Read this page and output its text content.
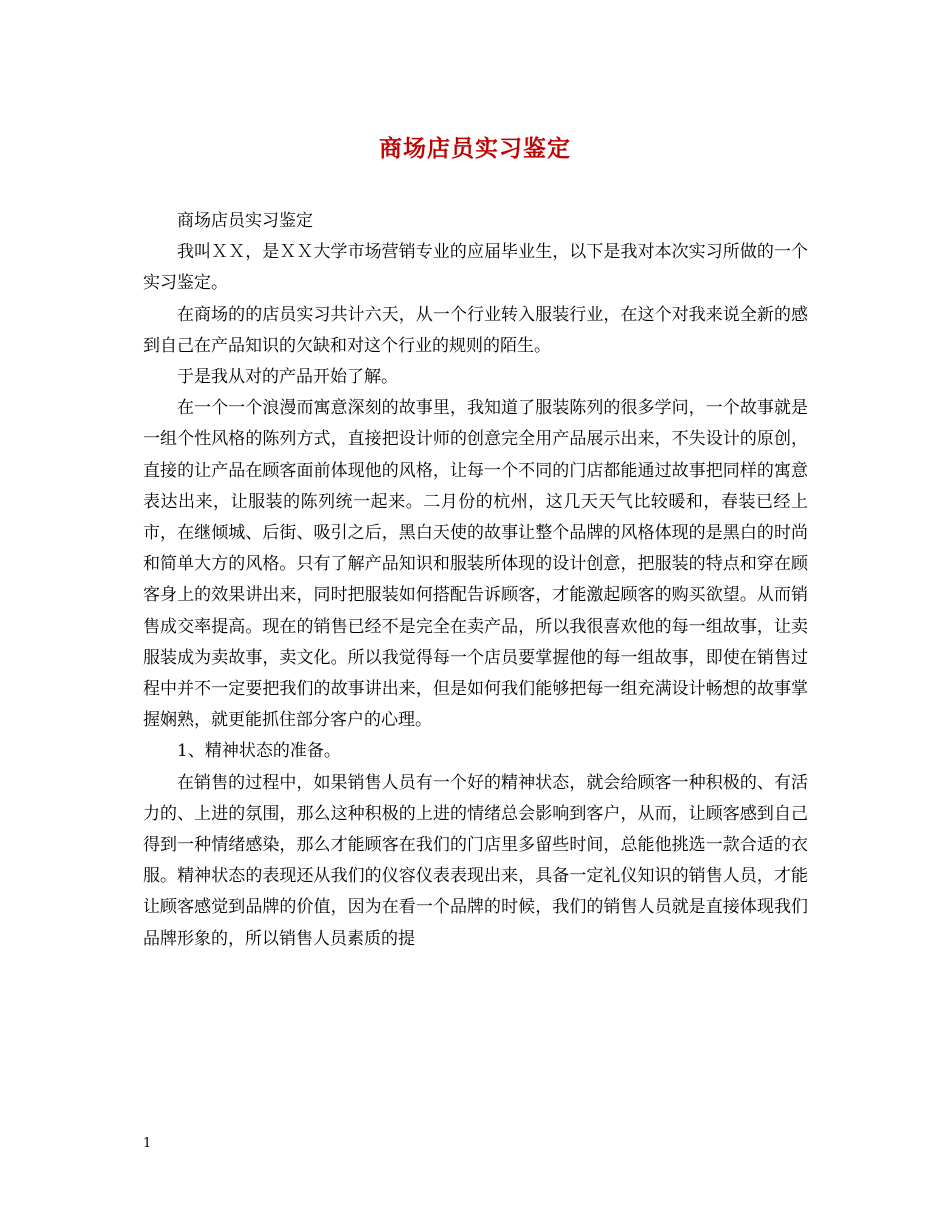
商场店员实习鉴定

商场店员实习鉴定

我叫ＸＸ，是ＸＸ大学市场营销专业的应届毕业生，以下是我对本次实习所做的一个实习鉴定。

在商场的的店员实习共计六天，从一个行业转入服装行业，在这个对我来说全新的感到自己在产品知识的欠缺和对这个行业的规则的陌生。

于是我从对的产品开始了解。

在一个一个浪漫而寓意深刻的故事里，我知道了服装陈列的很多学问，一个故事就是一组个性风格的陈列方式，直接把设计师的创意完全用产品展示出来，不失设计的原创，直接的让产品在顾客面前体现他的风格，让每一个不同的门店都能通过故事把同样的寓意表达出来，让服装的陈列统一起来。二月份的杭州，这几天天气比较暖和，春装已经上市，在继倾城、后街、吸引之后，黑白天使的故事让整个品牌的风格体现的是黑白的时尚和简单大方的风格。只有了解产品知识和服装所体现的设计创意，把服装的特点和穿在顾客身上的效果讲出来，同时把服装如何搭配告诉顾客，才能激起顾客的购买欲望。从而销售成交率提高。现在的销售已经不是完全在卖产品，所以我很喜欢他的每一组故事，让卖服装成为卖故事，卖文化。所以我觉得每一个店员要掌握他的每一组故事，即使在销售过程中并不一定要把我们的故事讲出来，但是如何我们能够把每一组充满设计畅想的故事掌握娴熟，就更能抓住部分客户的心理。

1、精神状态的准备。

在销售的过程中，如果销售人员有一个好的精神状态，就会给顾客一种积极的、有活力的、上进的氛围，那么这种积极的上进的情绪总会影响到客户，从而，让顾客感到自己得到一种情绪感染，那么才能顾客在我们的门店里多留些时间，总能他挑选一款合适的衣服。精神状态的表现还从我们的仪容仪表表现出来，具备一定礼仪知识的销售人员，才能让顾客感觉到品牌的价值，因为在看一个品牌的时候，我们的销售人员就是直接体现我们品牌形象的，所以销售人员素质的提

1
